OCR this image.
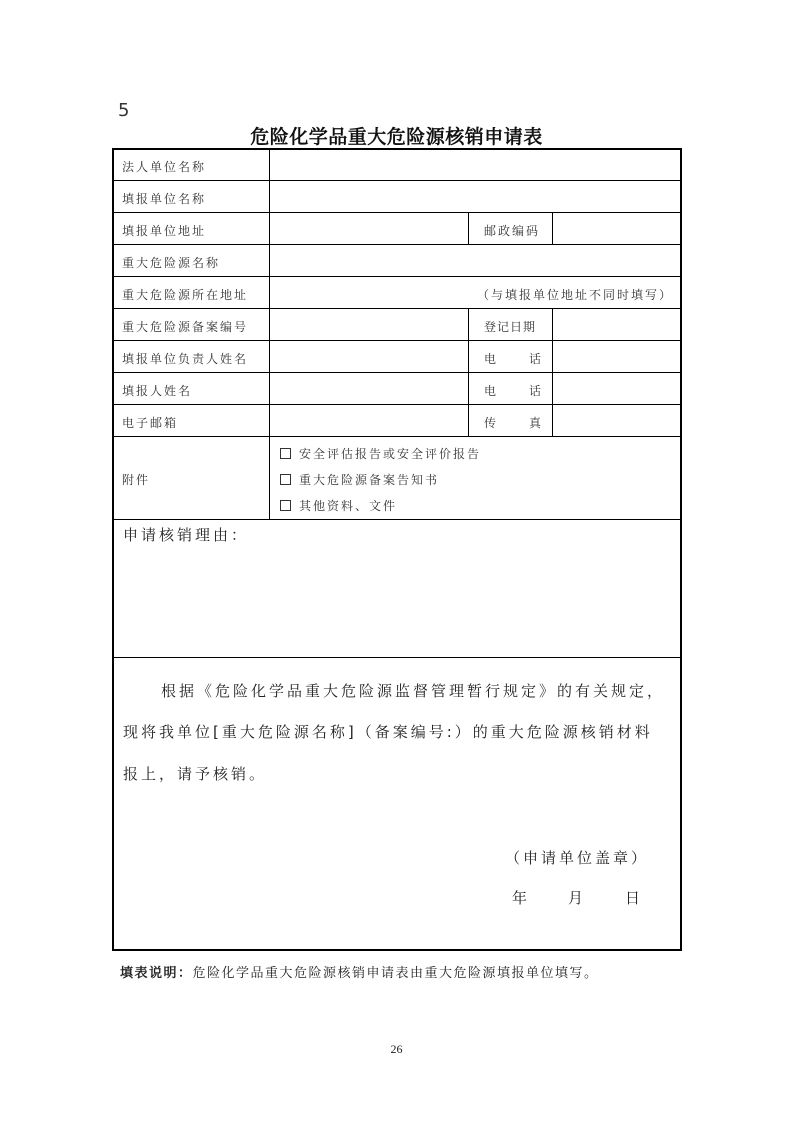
5
危险化学品重大危险源核销申请表
法人单位名称
填报单位名称
填报单位地址	邮政编码
重大危险源名称
重大危险源所在地址	（与填报单位地址不同时填写）
重大危险源备案编号	登记日期
填报单位负责人姓名	电　　话
填报人姓名	电　　话
电子邮箱	传　　真
附件
安全评估报告或安全评价报告
重大危险源备案告知书
其他资料、文件
申请核销理由：
根据《危险化学品重大危险源监督管理暂行规定》的有关规定，
现将我单位[重大危险源名称]（备案编号:）的重大危险源核销材料
报上，请予核销。
（申请单位盖章）
年	月	日
填表说明：危险化学品重大危险源核销申请表由重大危险源填报单位填写。
26
